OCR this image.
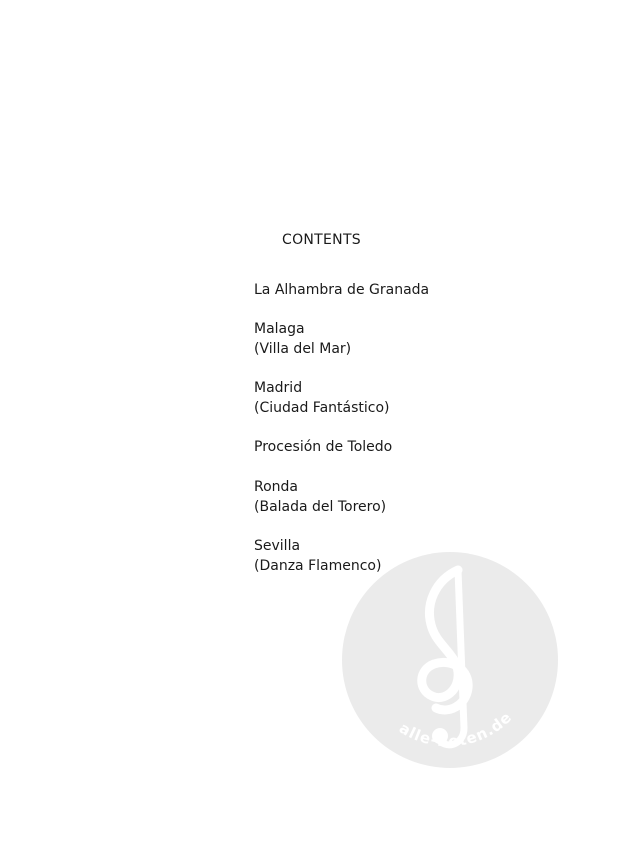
CONTENTS
La Alhambra de Granada
Malaga
(Villa del Mar)
Madrid
(Ciudad Fantástico)
Procesión de Toledo
Ronda
(Balada del Torero)
Sevilla
(Danza Flamenco)
alle-noten.de
